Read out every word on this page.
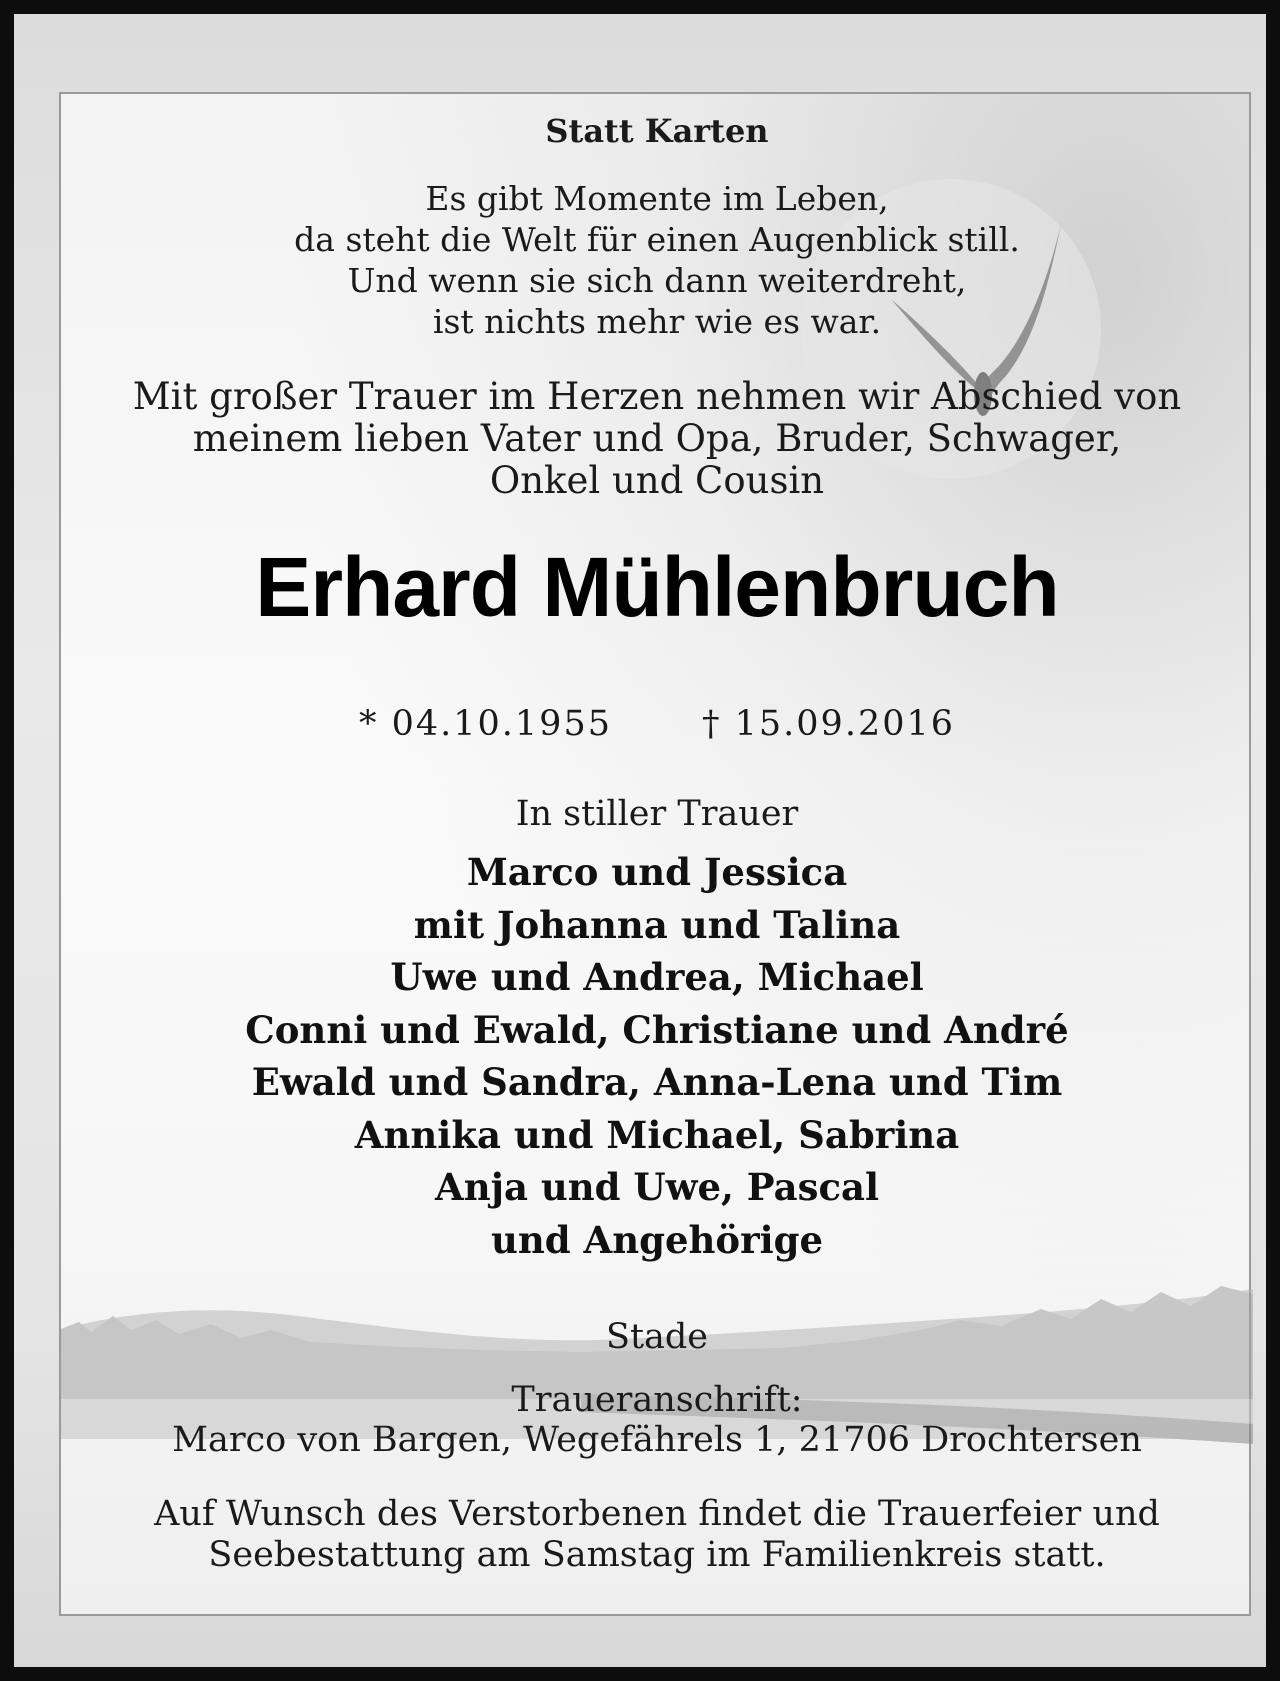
Statt Karten
Es gibt Momente im Leben,
da steht die Welt für einen Augenblick still.
Und wenn sie sich dann weiterdreht,
ist nichts mehr wie es war.
Mit großer Trauer im Herzen nehmen wir Abschied von
meinem lieben Vater und Opa, Bruder, Schwager,
Onkel und Cousin
Erhard Mühlenbruch
* 04.10.1955	† 15.09.2016
In stiller Trauer
Marco und Jessica
mit Johanna und Talina
Uwe und Andrea, Michael
Conni und Ewald, Christiane und André
Ewald und Sandra, Anna-Lena und Tim
Annika und Michael, Sabrina
Anja und Uwe, Pascal
und Angehörige
Stade
Traueranschrift:
Marco von Bargen, Wegefährels 1, 21706 Drochtersen
Auf Wunsch des Verstorbenen findet die Trauerfeier und
Seebestattung am Samstag im Familienkreis statt.
